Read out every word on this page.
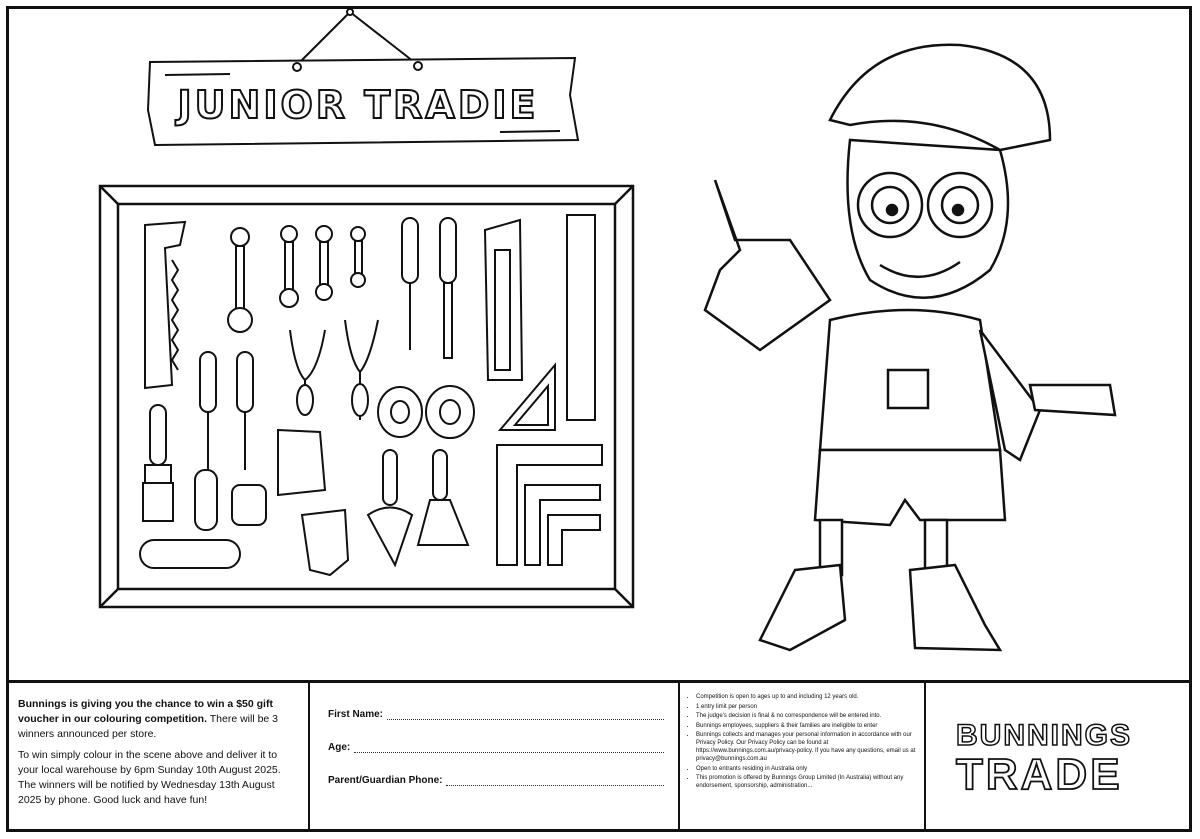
JUNIOR TRADIE

Bunnings is giving you the chance to win a $50 gift voucher in our colouring competition. There will be 3 winners announced per store.

To win simply colour in the scene above and deliver it to your local warehouse by 6pm Sunday 10th August 2025. The winners will be notified by Wednesday 13th August 2025 by phone. Good luck and have fun!

First Name:
Age:
Parent/Guardian Phone:
• Competition is open to ages up to and including 12 years old.
• 1 entry limit per person
• The judge's decision is final & no correspondence will be entered into.
• Bunnings employees, suppliers & their families are ineligible to enter
• Bunnings collects and manages your personal information in accordance with our Privacy Policy. Our Privacy Policy can be found at https://www.bunnings.com.au/privacy-policy. If you have any questions, email us at privacy@bunnings.com.au
• Open to entrants residing in Australia only
• This promotion is offered by Bunnings Group Limited (In Australia) without any endorsement, sponsorship, administration...
BUNNINGS
TRADE
